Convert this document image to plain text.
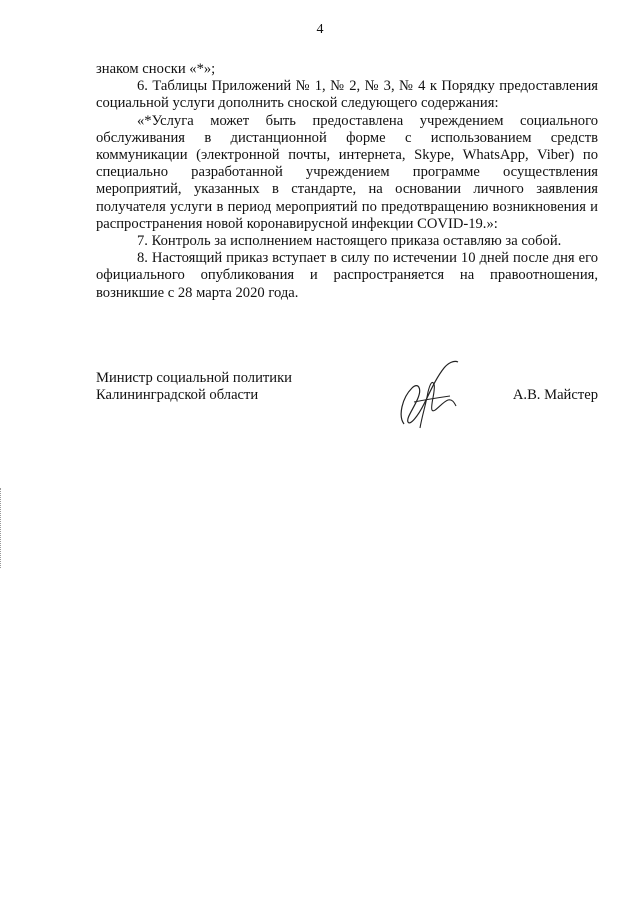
4

знаком сноски «*»;

6. Таблицы Приложений № 1, № 2, № 3, № 4 к Порядку предоставления социальной услуги дополнить сноской следующего содержания:

«*Услуга может быть предоставлена учреждением социального обслуживания в дистанционной форме с использованием средств коммуникации (электронной почты, интернета, Skype, WhatsApp, Viber) по специально разработанной учреждением программе осуществления мероприятий, указанных в стандарте, на основании личного заявления получателя услуги в период мероприятий по предотвращению возникновения и распространения новой коронавирусной инфекции COVID-19.»:

7. Контроль за исполнением настоящего приказа оставляю за собой.

8. Настоящий приказ вступает в силу по истечении 10 дней после дня его официального опубликования и распространяется на правоотношения, возникшие с 28 марта 2020 года.

Министр социальной политики
Калининградской области	А.В. Майстер
